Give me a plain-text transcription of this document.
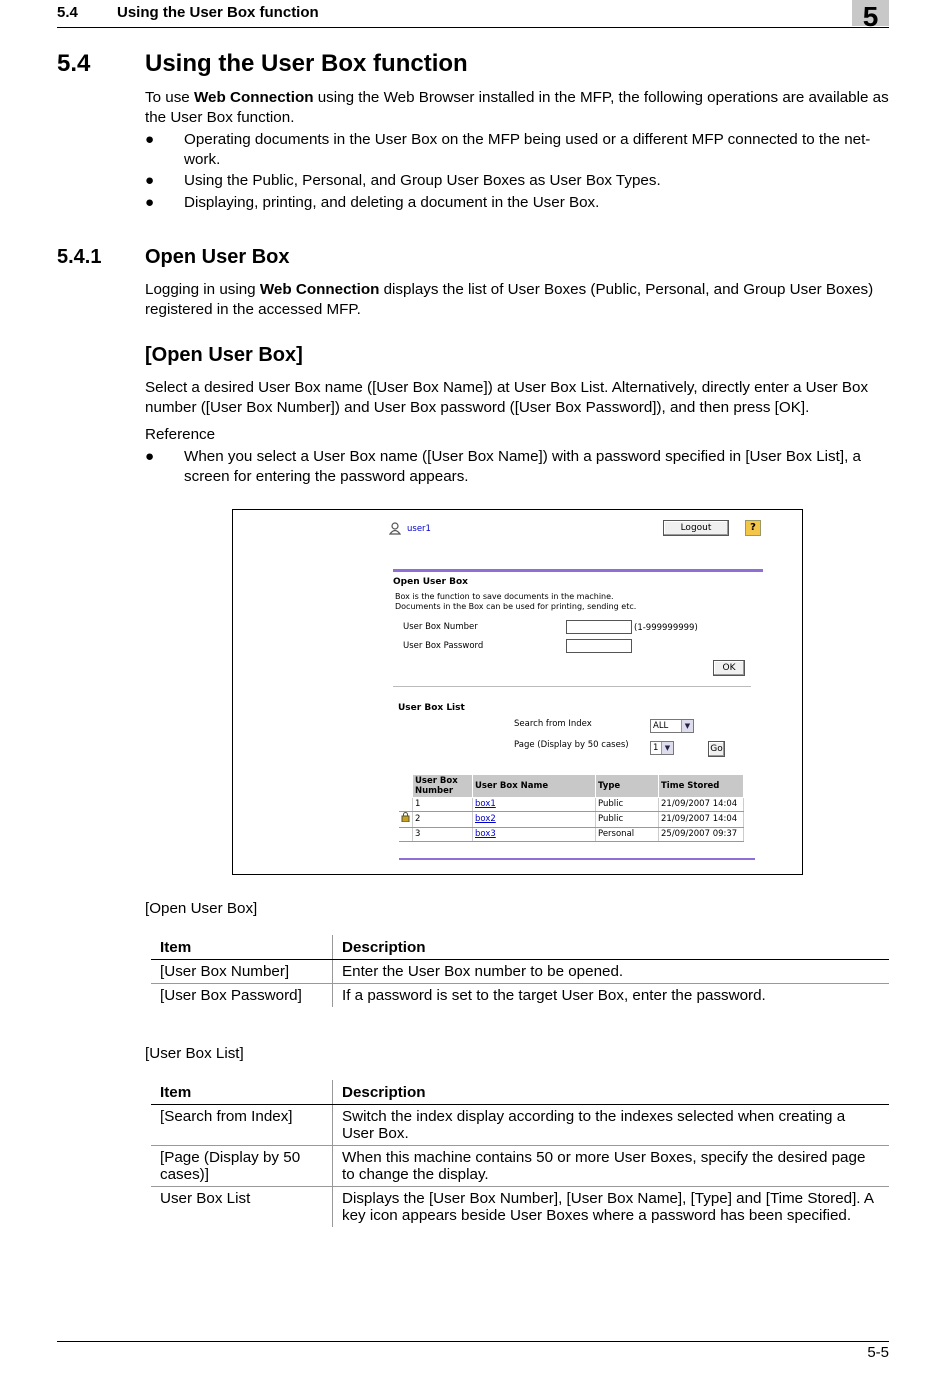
5.4	Using the User Box function	5
5.4 Using the User Box function
To use Web Connection using the Web Browser installed in the MFP, the following operations are available as the User Box function.
● Operating documents in the User Box on the MFP being used or a different MFP connected to the net-work.
● Using the Public, Personal, and Group User Boxes as User Box Types.
● Displaying, printing, and deleting a document in the User Box.
5.4.1 Open User Box
Logging in using Web Connection displays the list of User Boxes (Public, Personal, and Group User Boxes) registered in the accessed MFP.
[Open User Box]
Select a desired User Box name ([User Box Name]) at User Box List. Alternatively, directly enter a User Box number ([User Box Number]) and User Box password ([User Box Password]), and then press [OK].
Reference
● When you select a User Box name ([User Box Name]) with a password specified in [User Box List], a screen for entering the password appears.
user1	Logout	?
Open User Box
Box is the function to save documents in the machine.
Documents in the Box can be used for printing, sending etc.
User Box Number	(1-999999999)
User Box Password
OK
User Box List
Search from Index	ALL	▼
Page (Display by 50 cases)	1 ▼	Go
	User Box Number	User Box Name	Type	Time Stored
	1	box1	Public	21/09/2007 14:04
	2	box2	Public	21/09/2007 14:04
	3	box3	Personal	25/09/2007 09:37
[Open User Box]
Item	Description
[User Box Number]	Enter the User Box number to be opened.
[User Box Password]	If a password is set to the target User Box, enter the password.
[User Box List]
Item	Description
[Search from Index]	Switch the index display according to the indexes selected when creating a User Box.
[Page (Display by 50 cases)]	When this machine contains 50 or more User Boxes, specify the desired page to change the display.
User Box List	Displays the [User Box Number], [User Box Name], [Type] and [Time Stored]. A key icon appears beside User Boxes where a password has been specified.
5-5
